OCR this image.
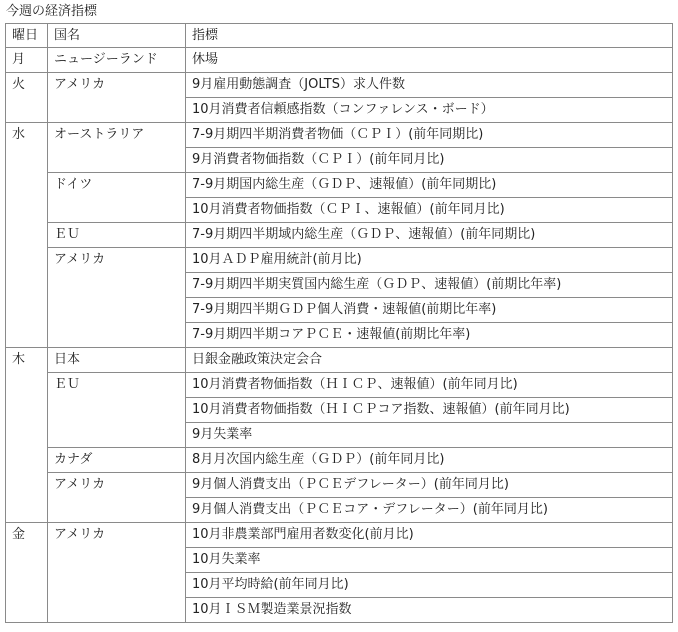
今週の経済指標
曜日	国名	指標
月	ニュージーランド	休場
火	アメリカ	9月雇用動態調査（JOLTS）求人件数
		10月消費者信頼感指数（コンファレンス・ボード）
水	オーストラリア	7-9月期四半期消費者物価（ＣＰＩ）(前年同期比)
		9月消費者物価指数（ＣＰＩ）(前年同月比)
	ドイツ	7-9月期国内総生産（ＧＤＰ、速報値）(前年同期比)
		10月消費者物価指数（ＣＰＩ、速報値）(前年同月比)
	ＥＵ	7-9月期四半期域内総生産（ＧＤＰ、速報値）(前年同期比)
	アメリカ	10月ＡＤＰ雇用統計(前月比)
		7-9月期四半期実質国内総生産（ＧＤＰ、速報値）(前期比年率)
		7-9月期四半期ＧＤＰ個人消費・速報値(前期比年率)
		7-9月期四半期コアＰＣＥ・速報値(前期比年率)
木	日本	日銀金融政策決定会合
	ＥＵ	10月消費者物価指数（ＨＩＣＰ、速報値）(前年同月比)
		10月消費者物価指数（ＨＩＣＰコア指数、速報値）(前年同月比)
		9月失業率
	カナダ	8月月次国内総生産（ＧＤＰ）(前年同月比)
	アメリカ	9月個人消費支出（ＰＣＥデフレーター）(前年同月比)
		9月個人消費支出（ＰＣＥコア・デフレーター）(前年同月比)
金	アメリカ	10月非農業部門雇用者数変化(前月比)
		10月失業率
		10月平均時給(前年同月比)
		10月ＩＳＭ製造業景況指数
